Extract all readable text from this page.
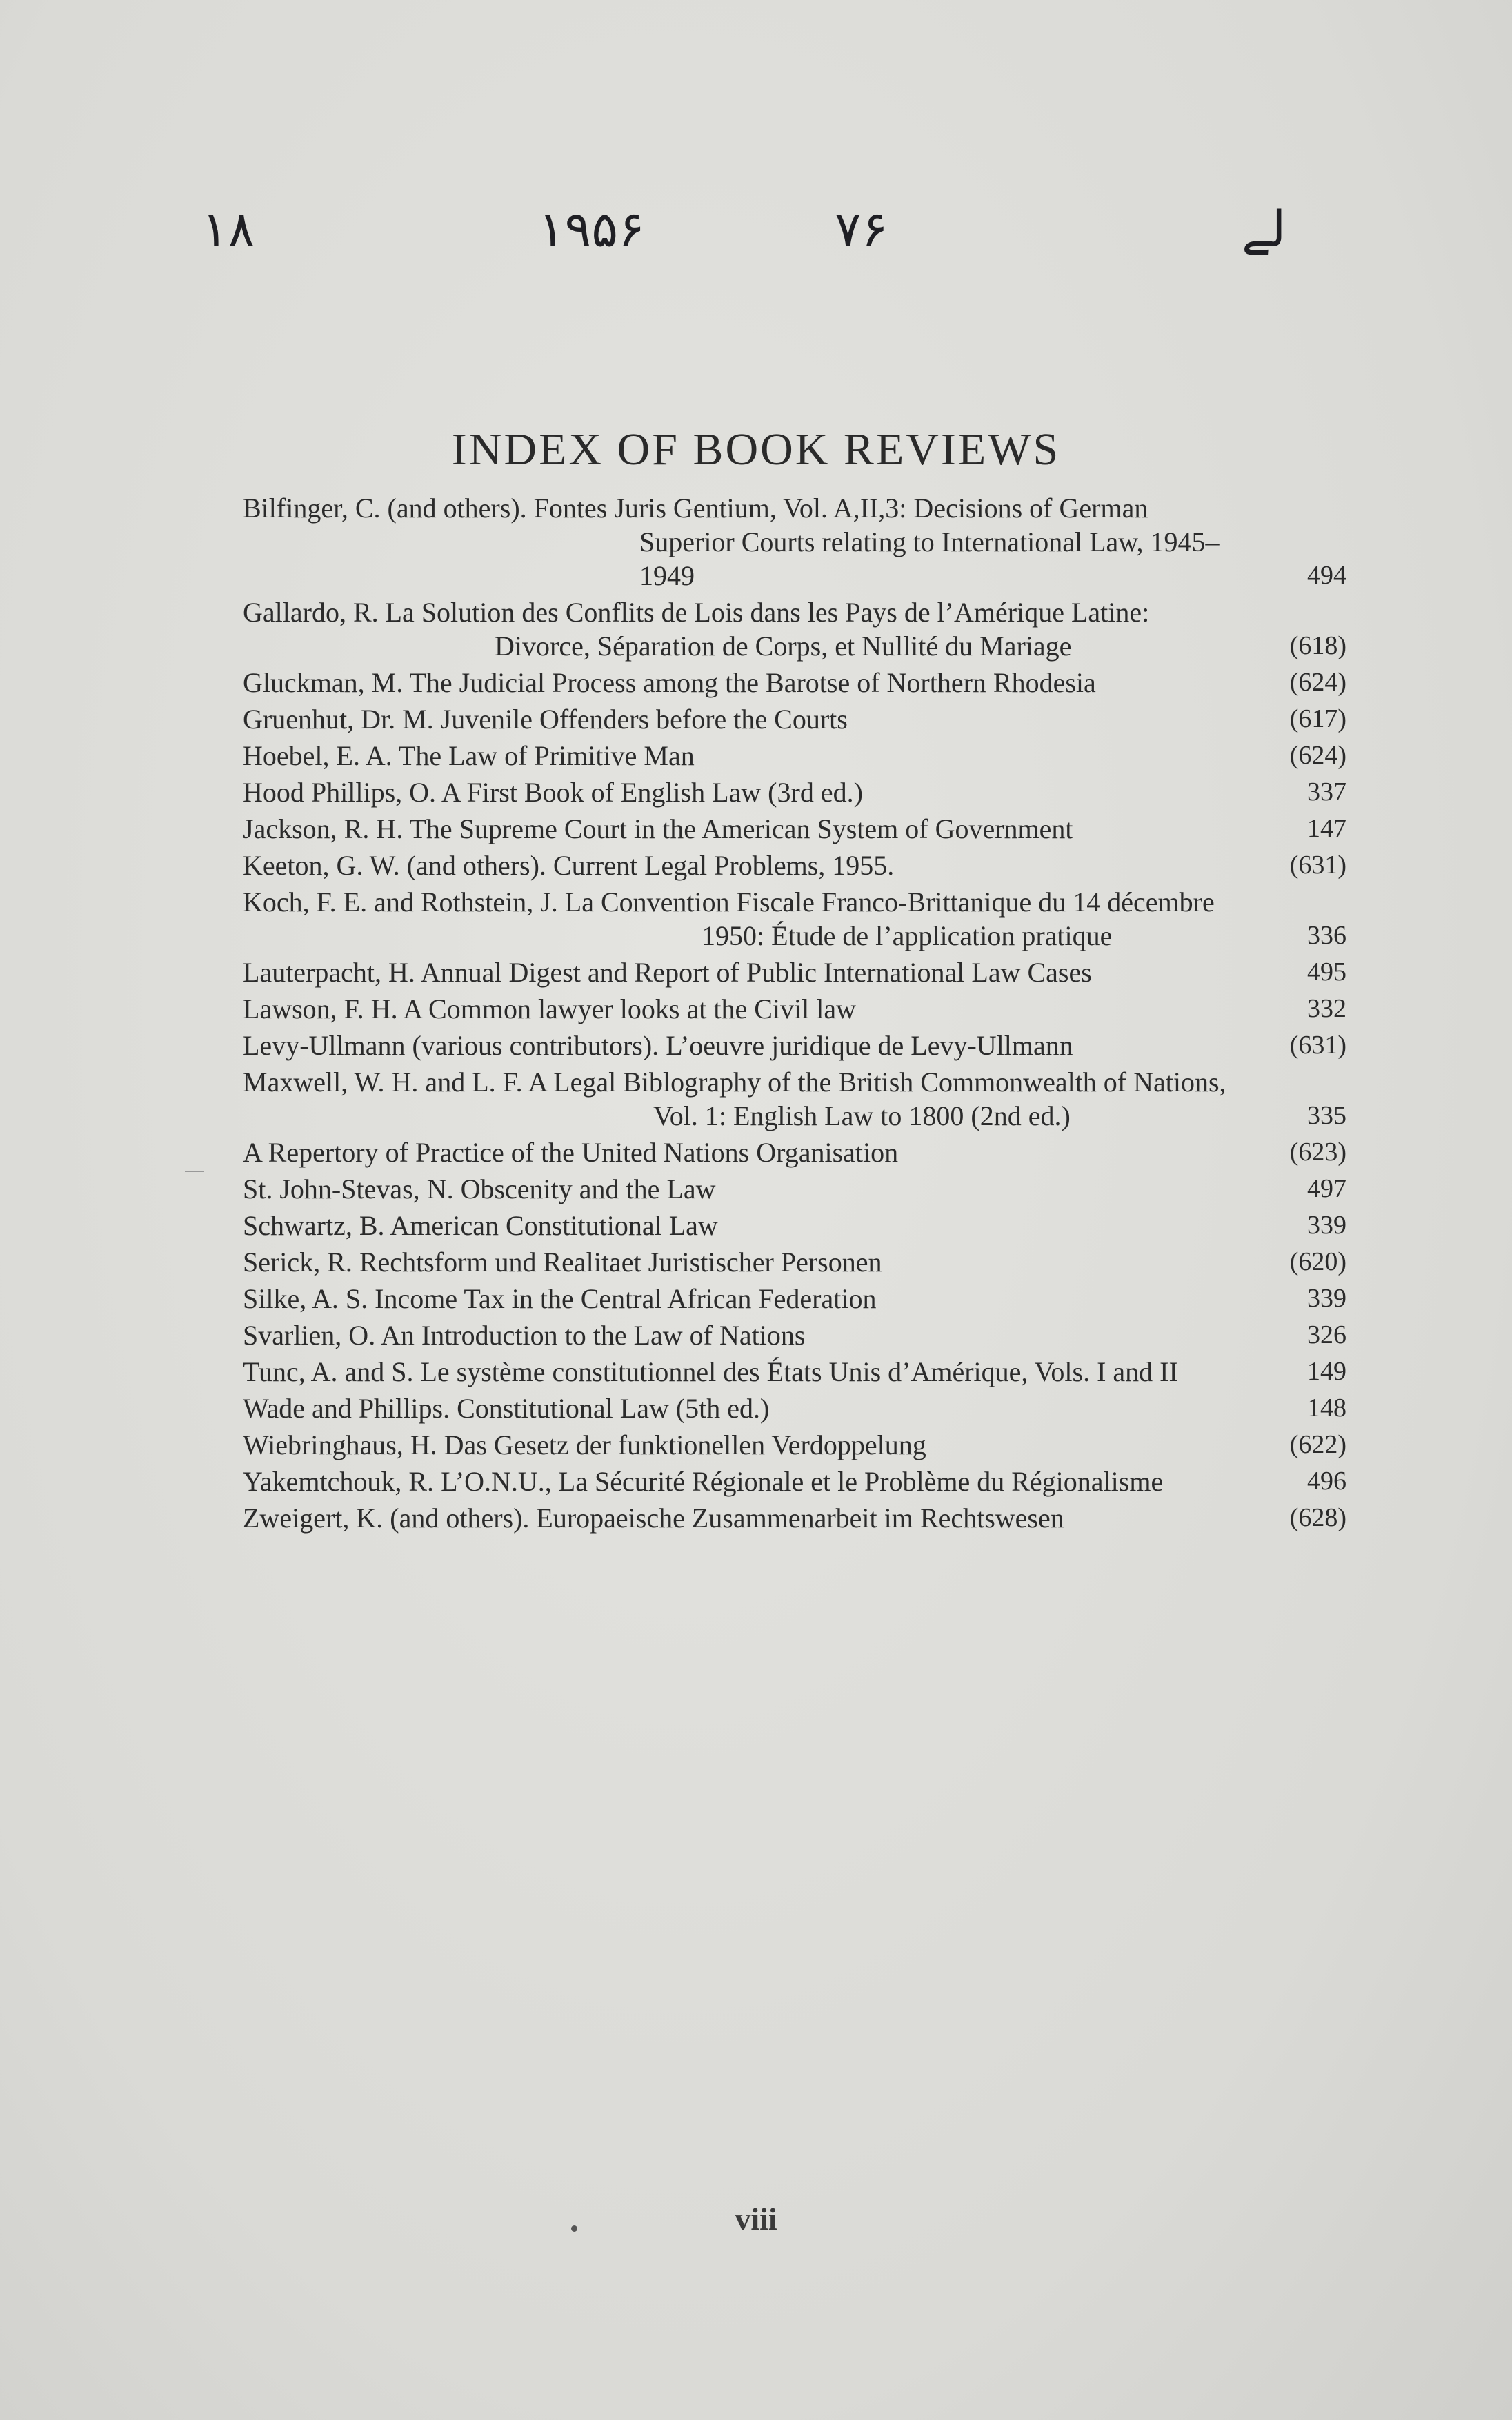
۱۸	۱۹۵۶	۷۶	لے
INDEX OF BOOK REVIEWS
Bilfinger, C. (and others). Fontes Juris Gentium, Vol. A,II,3: Decisions of German Superior Courts relating to International Law, 1945–1949	494
Gallardo, R. La Solution des Conflits de Lois dans les Pays de l’Amérique Latine: Divorce, Séparation de Corps, et Nullité du Mariage	(618)
Gluckman, M. The Judicial Process among the Barotse of Northern Rhodesia	(624)
Gruenhut, Dr. M. Juvenile Offenders before the Courts	(617)
Hoebel, E. A. The Law of Primitive Man	(624)
Hood Phillips, O. A First Book of English Law (3rd ed.)	337
Jackson, R. H. The Supreme Court in the American System of Government	147
Keeton, G. W. (and others). Current Legal Problems, 1955.	(631)
Koch, F. E. and Rothstein, J. La Convention Fiscale Franco-Brittanique du 14 décembre 1950: Étude de l’application pratique	336
Lauterpacht, H. Annual Digest and Report of Public International Law Cases	495
Lawson, F. H. A Common lawyer looks at the Civil law	332
Levy-Ullmann (various contributors). L’oeuvre juridique de Levy-Ullmann	(631)
Maxwell, W. H. and L. F. A Legal Biblography of the British Commonwealth of Nations, Vol. 1: English Law to 1800 (2nd ed.)	335
A Repertory of Practice of the United Nations Organisation	(623)
St. John-Stevas, N. Obscenity and the Law	497
Schwartz, B. American Constitutional Law	339
Serick, R. Rechtsform und Realitaet Juristischer Personen	(620)
Silke, A. S. Income Tax in the Central African Federation	339
Svarlien, O. An Introduction to the Law of Nations	326
Tunc, A. and S. Le système constitutionnel des États Unis d’Amérique, Vols. I and II	149
Wade and Phillips. Constitutional Law (5th ed.)	148
Wiebringhaus, H. Das Gesetz der funktionellen Verdoppelung	(622)
Yakemtchouk, R. L’O.N.U., La Sécurité Régionale et le Problème du Régionalisme	496
Zweigert, K. (and others). Europaeische Zusammenarbeit im Rechtswesen	(628)
viii
